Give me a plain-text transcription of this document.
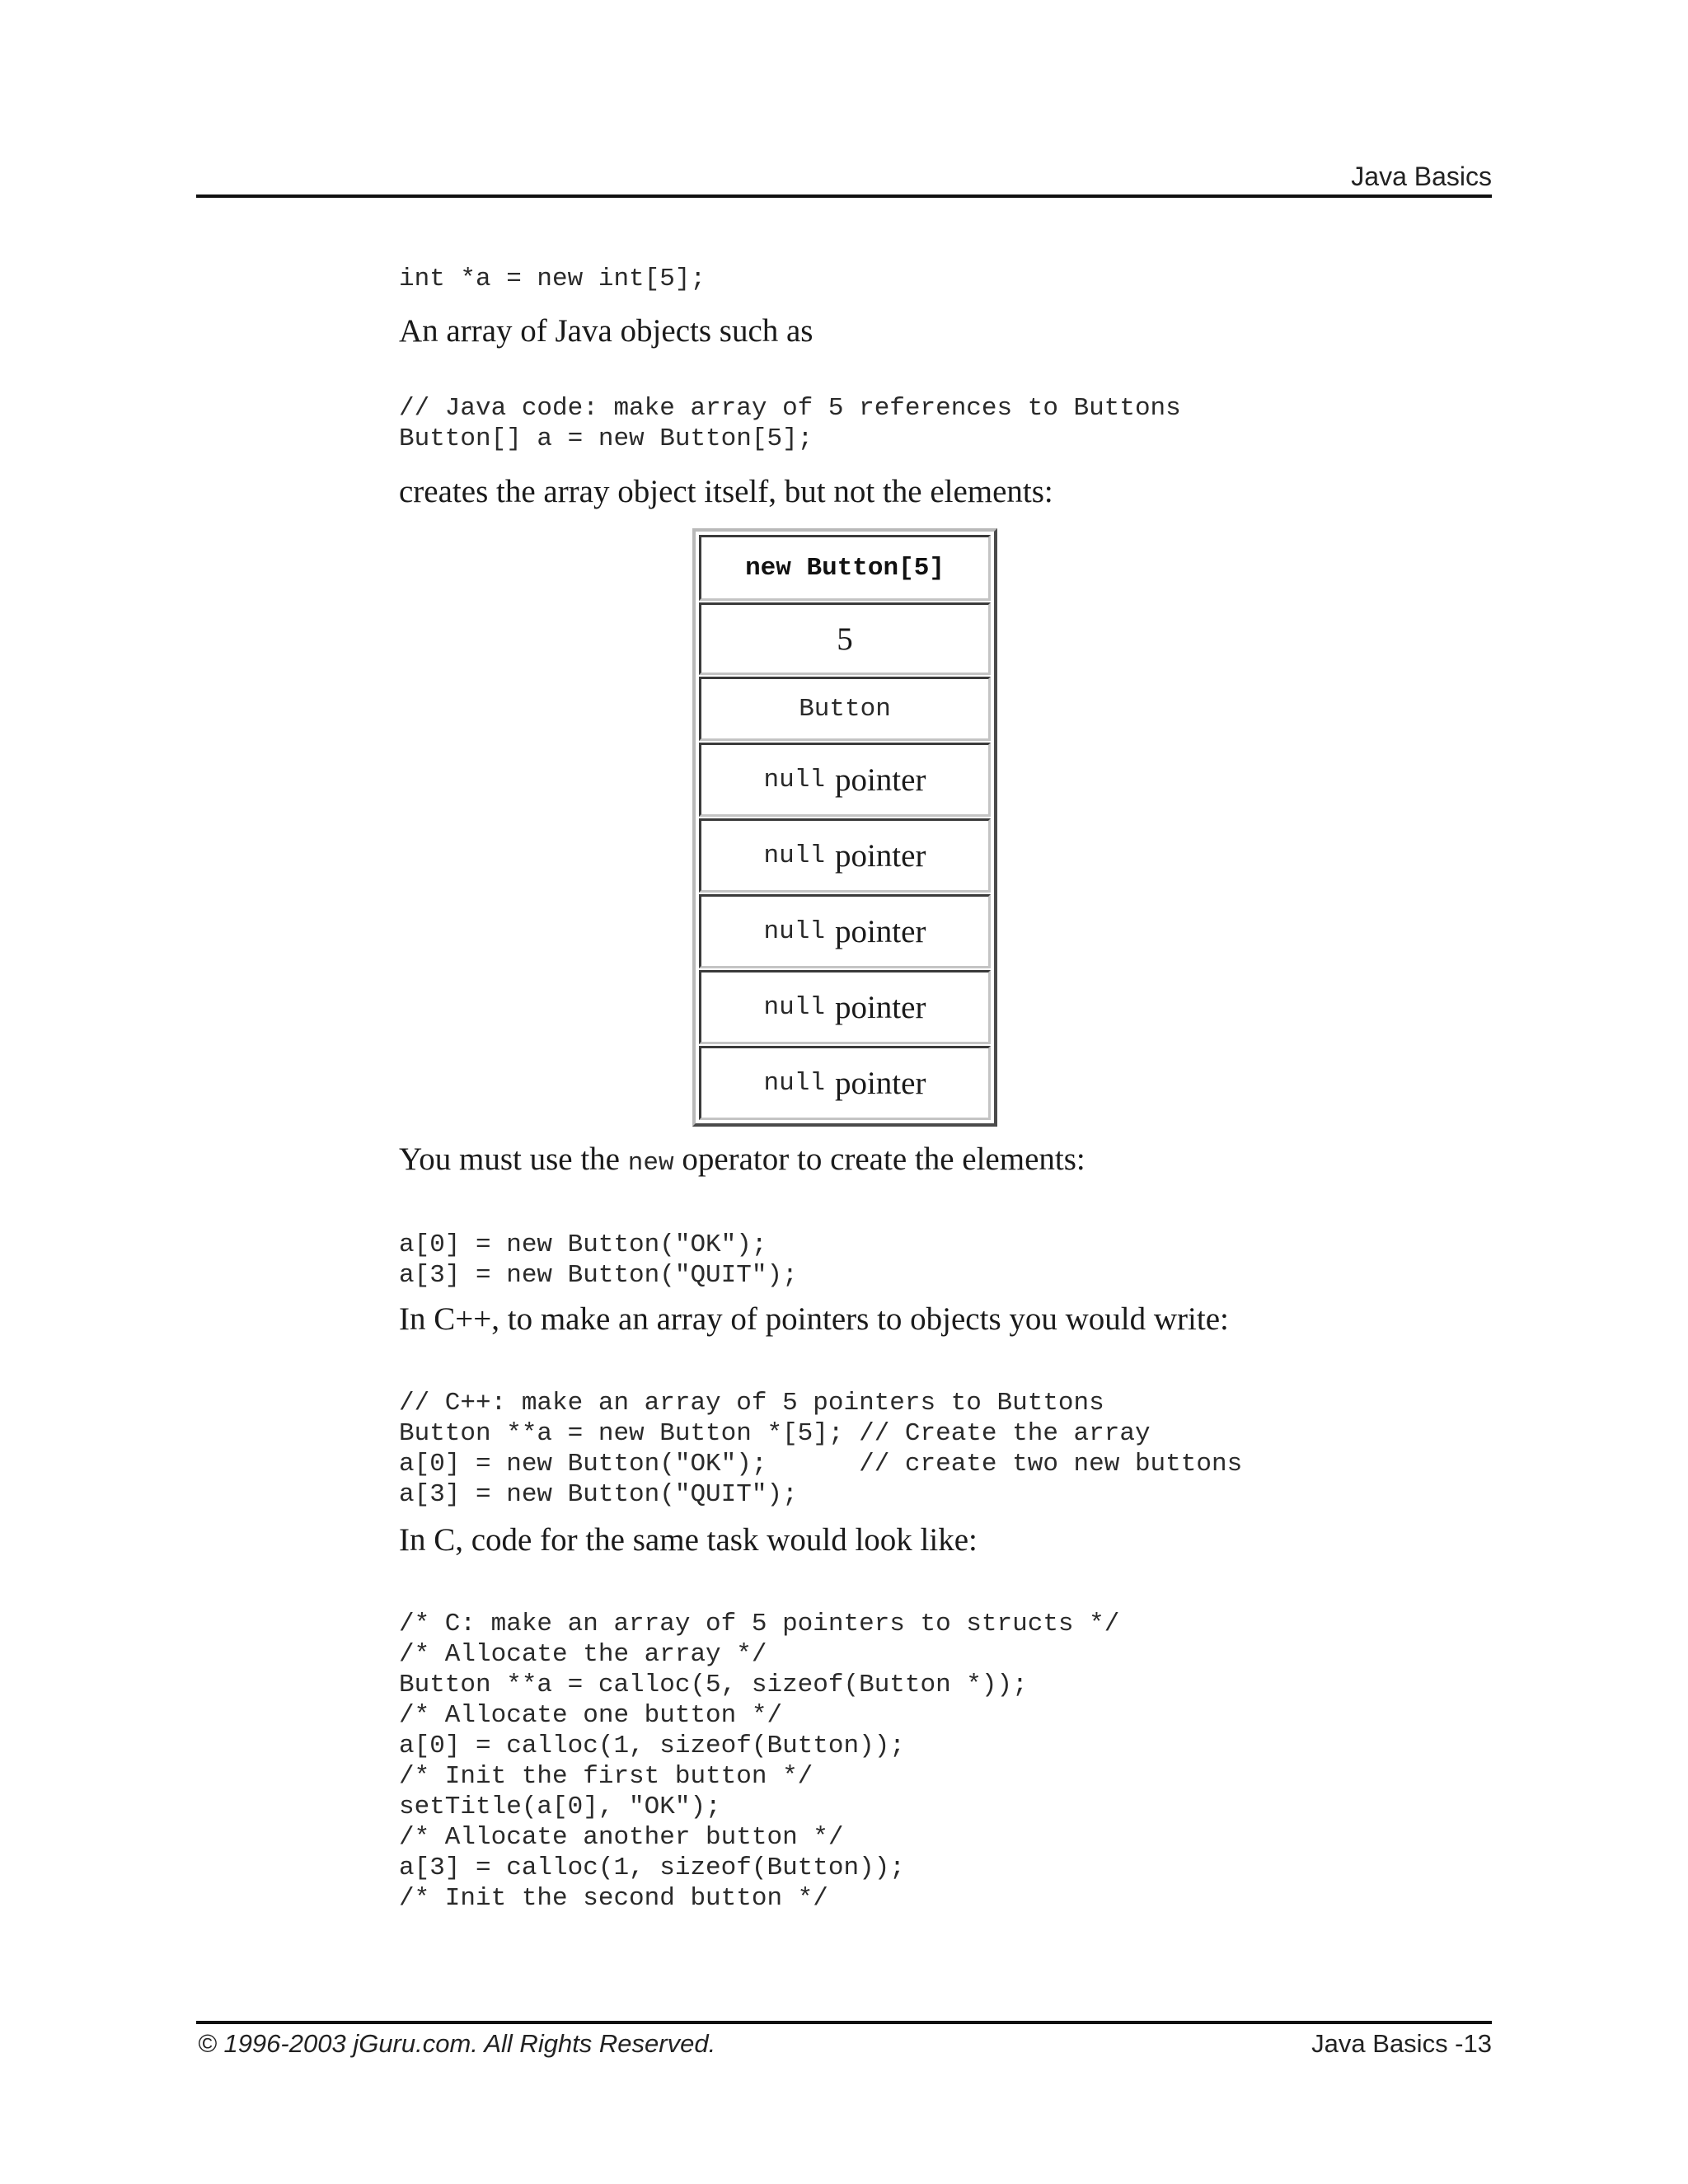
Java Basics
int *a = new int[5];

An array of Java objects such as

// Java code: make array of 5 references to Buttons
Button[] a = new Button[5];

creates the array object itself, but not the elements:

new Button[5]
5
Button
null pointer
null pointer
null pointer
null pointer
null pointer

You must use the new operator to create the elements:

a[0] = new Button("OK");
a[3] = new Button("QUIT");

In C++, to make an array of pointers to objects you would write:

// C++: make an array of 5 pointers to Buttons
Button **a = new Button *[5]; // Create the array
a[0] = new Button("OK");      // create two new buttons
a[3] = new Button("QUIT");

In C, code for the same task would look like:

/* C: make an array of 5 pointers to structs */
/* Allocate the array */
Button **a = calloc(5, sizeof(Button *));
/* Allocate one button */
a[0] = calloc(1, sizeof(Button));
/* Init the first button */
setTitle(a[0], "OK");
/* Allocate another button */
a[3] = calloc(1, sizeof(Button));
/* Init the second button */
© 1996-2003 jGuru.com. All Rights Reserved.	Java Basics -13
